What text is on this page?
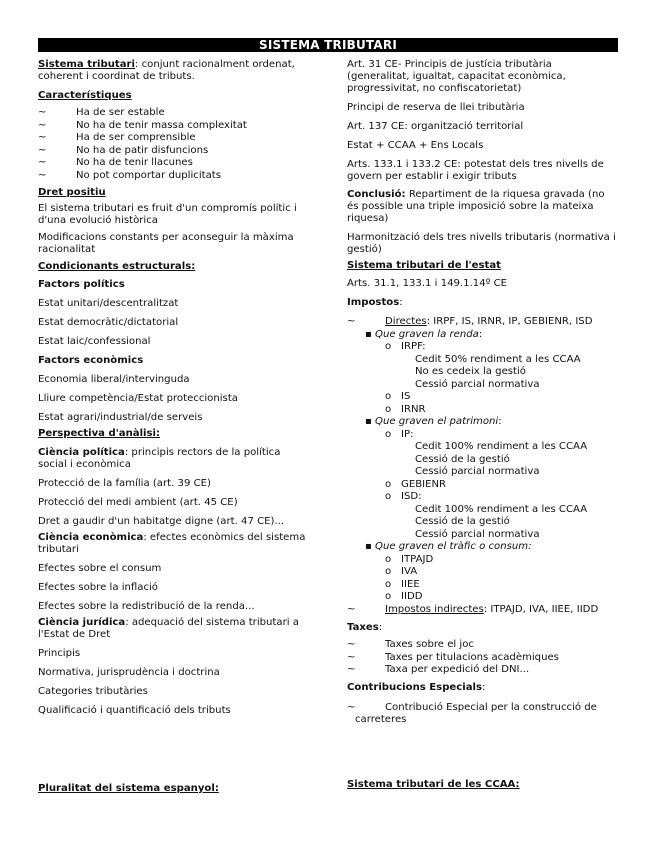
SISTEMA TRIBUTARI

Sistema tributari: conjunt racionalment ordenat, coherent i coordinat de tributs.

Característiques

~	Ha de ser estable
~	No ha de tenir massa complexitat
~	Ha de ser comprensible
~	No ha de patir disfuncions
~	No ha de tenir llacunes
~	No pot comportar duplicitats

Dret positiu

El sistema tributari es fruit d'un compromís polític i d'una evolució històrica

Modificacions constants per aconseguir la màxima racionalitat

Condicionants estructurals:

Factors polítics

Estat unitari/descentralitzat

Estat democràtic/dictatorial

Estat laic/confessional

Factors econòmics

Economia liberal/intervinguda

Lliure competència/Estat proteccionista

Estat agrari/industrial/de serveis

Perspectiva d'anàlisi:

Ciència política: principis rectors de la política social i econòmica

Protecció de la família (art. 39 CE)

Protecció del medi ambient (art. 45 CE)

Dret a gaudir d'un habitatge digne (art. 47 CE)...

Ciència econòmica: efectes econòmics del sistema tributari

Efectes sobre el consum

Efectes sobre la inflació

Efectes sobre la redistribució de la renda...

Ciència jurídica: adequació del sistema tributari a l'Estat de Dret

Principis

Normativa, jurisprudència i doctrina

Categories tributàries

Qualificació i quantificació dels tributs

Pluralitat del sistema espanyol:

Art. 31 CE- Principis de justícia tributària (generalitat, igualtat, capacitat econòmica, progressivitat, no confiscatorietat)

Principi de reserva de llei tributària

Art. 137 CE: organització territorial

Estat + CCAA + Ens Locals

Arts. 133.1 i 133.2 CE: potestat dels tres nivells de govern per establir i exigir tributs

Conclusió: Repartiment de la riquesa gravada (no és possible una triple imposició sobre la mateixa riquesa)

Harmonització dels tres nivells tributaris (normativa i gestió)

Sistema tributari de l'estat

Arts. 31.1, 133.1 i 149.1.14º CE

Impostos:

~	Directes: IRPF, IS, IRNR, IP, GEBIENR, ISD
▪ Que graven la renda:
o IRPF:
Cedit 50% rendiment a les CCAA
No es cedeix la gestió
Cessió parcial normativa
o IS
o IRNR
▪ Que graven el patrimoni:
o IP:
Cedit 100% rendiment a les CCAA
Cessió de la gestió
Cessió parcial normativa
o GEBIENR
o ISD:
Cedit 100% rendiment a les CCAA
Cessió de la gestió
Cessió parcial normativa
▪ Que graven el tràfic o consum:
o ITPAJD
o IVA
o IIEE
o IIDD
~	Impostos indirectes: ITPAJD, IVA, IIEE, IIDD

Taxes:

~	Taxes sobre el joc
~	Taxes per titulacions acadèmiques
~	Taxa per expedició del DNI...

Contribucions Especials:

~	Contribució Especial per la construcció de carreteres

Sistema tributari de les CCAA:
